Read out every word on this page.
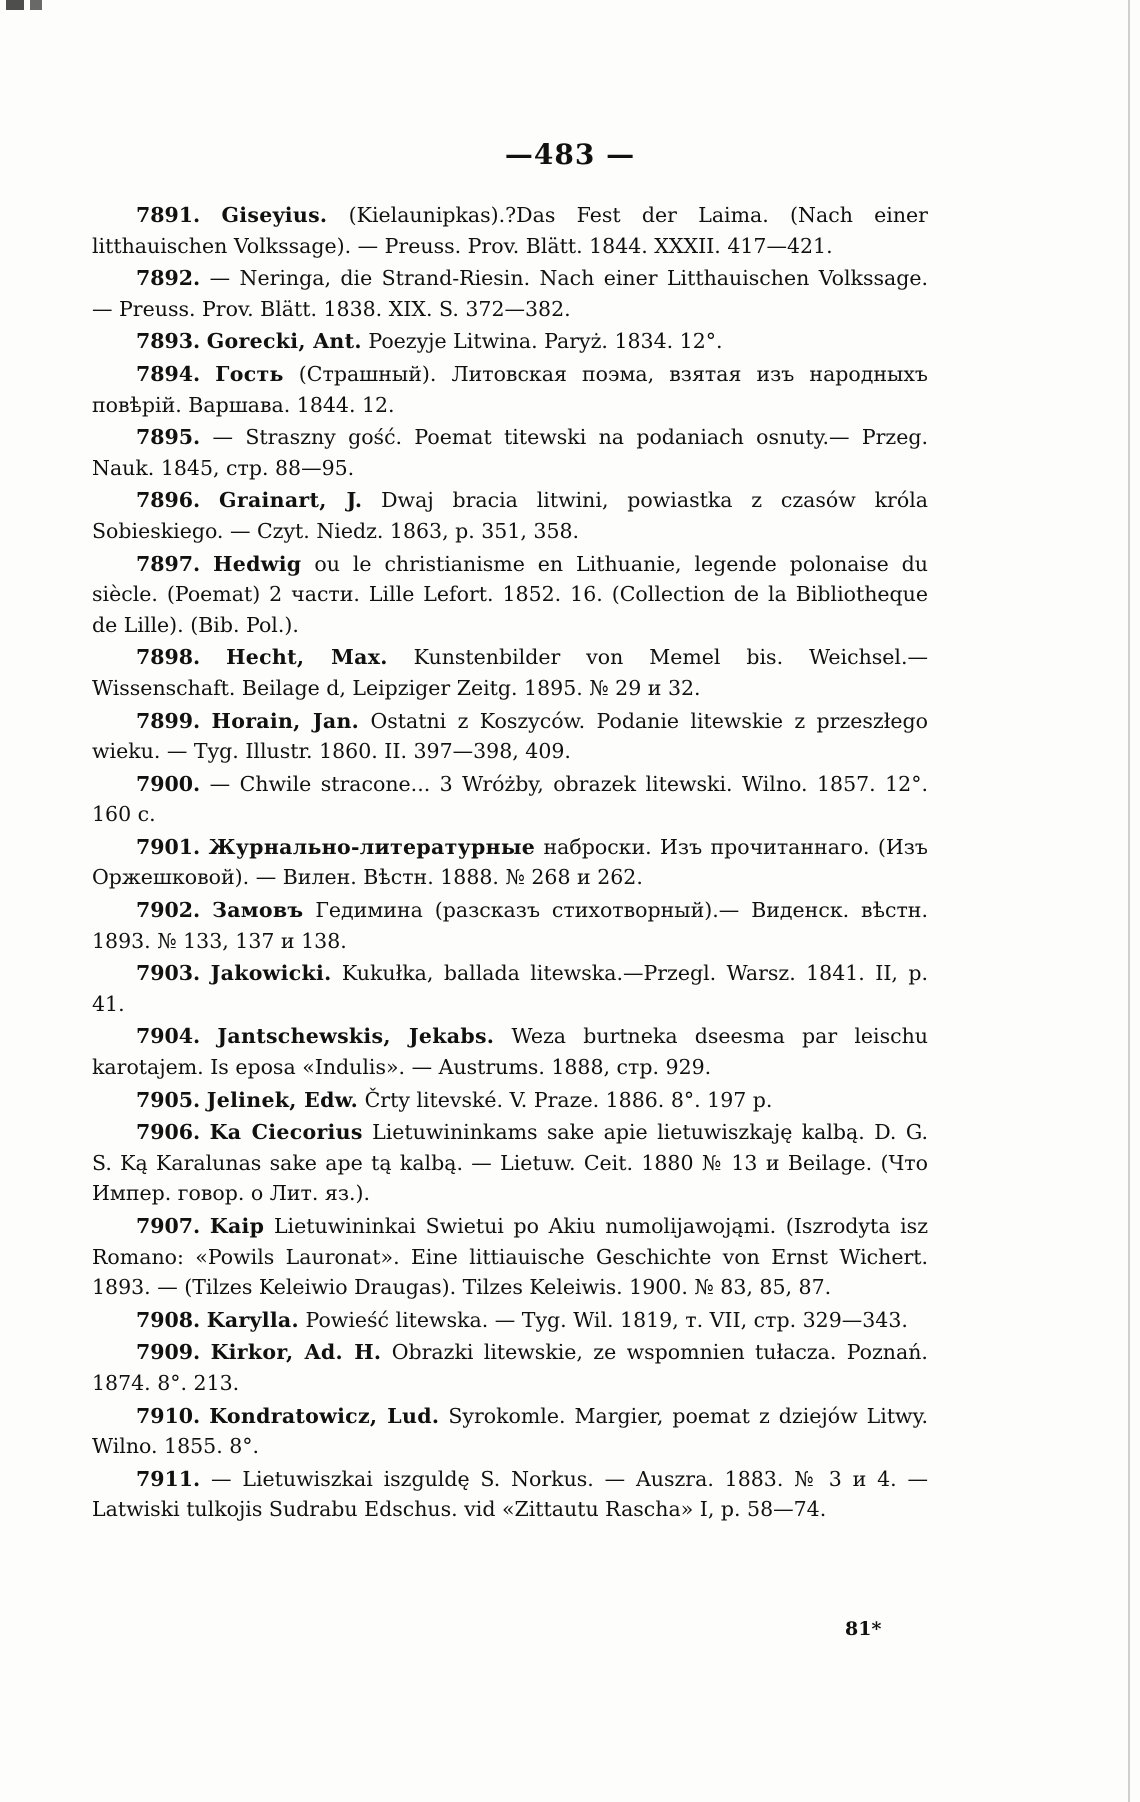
—483 —

7891. Giseyius. (Kielaunipkas).?Das Fest der Laima. (Nach einer litthauischen Volkssage). — Preuss. Prov. Blätt. 1844. XXXII. 417—421.

7892. — Neringa, die Strand-Riesin. Nach einer Litthauischen Volkssage. — Preuss. Prov. Blätt. 1838. XIX. S. 372—382.

7893. Gorecki, Ant. Poezyje Litwina. Paryż. 1834. 12°.

7894. Гость (Страшный). Литовская поэма, взятая изъ народныхъ повѣрiй. Варшава. 1844. 12.

7895. — Straszny gość. Poemat titewski na podaniach osnuty.— Przeg. Nauk. 1845, стр. 88—95.

7896. Grainart, J. Dwaj bracia litwini, powiastka z czasów króla Sobieskiego. — Czyt. Niedz. 1863, p. 351, 358.

7897. Hedwig ou le christianisme en Lithuanie, legende polonaise du siècle. (Poemat) 2 части. Lille Lefort. 1852. 16. (Collection de la Bibliotheque de Lille). (Bib. Pol.).

7898. Hecht, Max. Kunstenbilder von Memel bis. Weichsel.— Wissenschaft. Beilage d, Leipziger Zeitg. 1895. № 29 и 32.

7899. Horain, Jan. Ostatni z Koszyców. Podanie litewskie z przeszłego wieku. — Tyg. Illustr. 1860. II. 397—398, 409.

7900. — Chwile stracone... 3 Wróżby, obrazek litewski. Wilno. 1857. 12°. 160 c.

7901. Журнально-литературные наброски. Изъ прочитаннаго. (Изъ Оржешковой). — Вилен. Вѣстн. 1888. № 268 и 262.

7902. Замовъ Гедимина (разсказъ стихотворный).— Виденск. вѣстн. 1893. № 133, 137 и 138.

7903. Jakowicki. Kukułka, ballada litewska.—Przegl. Warsz. 1841. II, p. 41.

7904. Jantschewskis, Jekabs. Weza burtneka dseesma par leischu karotajem. Is eposa «Indulis». — Austrums. 1888, стр. 929.

7905. Jelinek, Edw. Črty litevské. V. Praze. 1886. 8°. 197 p.

7906. Ka Ciecorius Lietuwininkams sake apie lietuwiszkaję kalbą. D. G. S. Ką Karalunas sake ape tą kalbą. — Lietuw. Ceit. 1880 № 13 и Beilage. (Что Импер. говор. о Лит. яз.).

7907. Kaip Lietuwininkai Swietui po Akiu numolijawojąmi. (Iszrodyta isz Romano: «Powils Lauronat». Eine littiauische Geschichte von Ernst Wichert. 1893. — (Tilzes Keleiwio Draugas). Tilzes Keleiwis. 1900. № 83, 85, 87.

7908. Karylla. Powieść litewska. — Tyg. Wil. 1819, т. VII, стр. 329—343.

7909. Kirkor, Ad. H. Obrazki litewskie, ze wspomnien tułacza. Poznań. 1874. 8°. 213.

7910. Kondratowicz, Lud. Syrokomle. Margier, poemat z dziejów Litwy. Wilno. 1855. 8°.

7911. — Lietuwiszkai iszguldę S. Norkus. — Auszra. 1883. № 3 и 4. — Latwiski tulkojis Sudrabu Edschus. vid «Zittautu Rascha» I, p. 58—74.

81*
